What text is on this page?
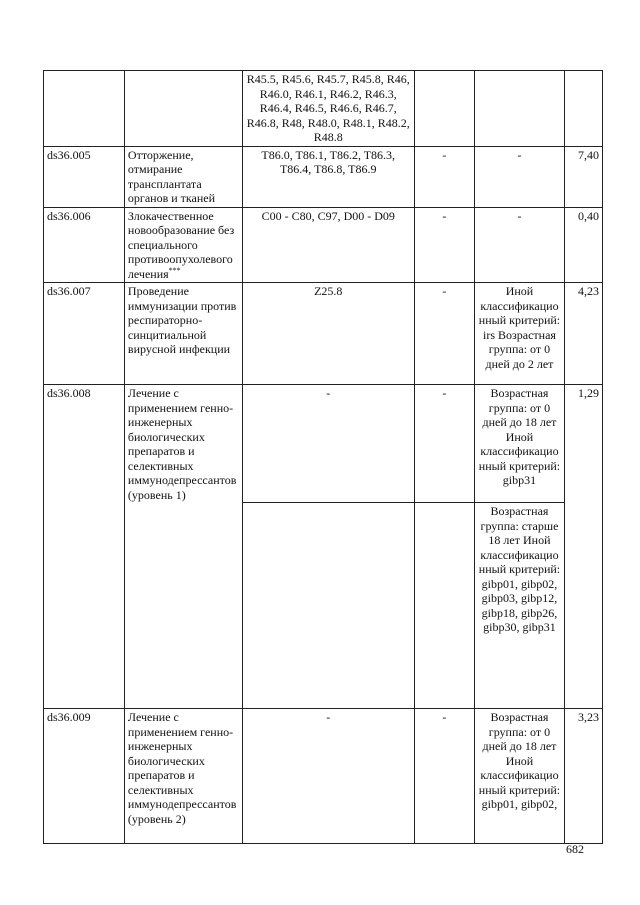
		R45.5, R45.6, R45.7, R45.8, R46, R46.0, R46.1, R46.2, R46.3, R46.4, R46.5, R46.6, R46.7, R46.8, R48, R48.0, R48.1, R48.2, R48.8			
ds36.005	Отторжение, отмирание трансплантата органов и тканей	T86.0, T86.1, T86.2, T86.3, T86.4, T86.8, T86.9	-	-	7,40
ds36.006	Злокачественное новообразование без специального противоопухолевого лечения***	C00 - C80, C97, D00 - D09	-	-	0,40
ds36.007	Проведение иммунизации против респираторно-синцитиальной вирусной инфекции	Z25.8	-	Иной классификационный критерий: irs Возрастная группа: от 0 дней до 2 лет	4,23
ds36.008	Лечение с применением генно-инженерных биологических препаратов и селективных иммунодепрессантов (уровень 1)	-	-	Возрастная группа: от 0 дней до 18 лет Иной классификационный критерий: gibp31	1,29
				Возрастная группа: старше 18 лет Иной классификационный критерий: gibp01, gibp02, gibp03, gibp12, gibp18, gibp26, gibp30, gibp31	
ds36.009	Лечение с применением генно-инженерных биологических препаратов и селективных иммунодепрессантов (уровень 2)	-	-	Возрастная группа: от 0 дней до 18 лет Иной классификационный критерий: gibp01, gibp02,	3,23
682
